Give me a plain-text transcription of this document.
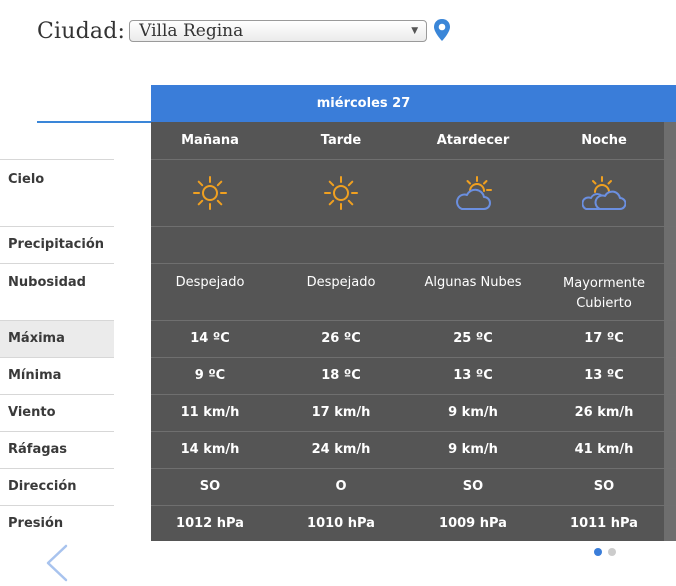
Ciudad: Villa Regina	▼
miércoles 27
Cielo
Precipitación
Nubosidad
Máxima
Mínima
Viento
Ráfagas
Dirección
Presión
Mañana
Despejado
14 ºC
9 ºC
11 km/h
14 km/h
SO
1012 hPa
Tarde
Despejado
26 ºC
18 ºC
17 km/h
24 km/h
O
1010 hPa
Atardecer
Algunas Nubes
25 ºC
13 ºC
9 km/h
9 km/h
SO
1009 hPa
Noche
Mayormente Cubierto
17 ºC
13 ºC
26 km/h
41 km/h
SO
1011 hPa
